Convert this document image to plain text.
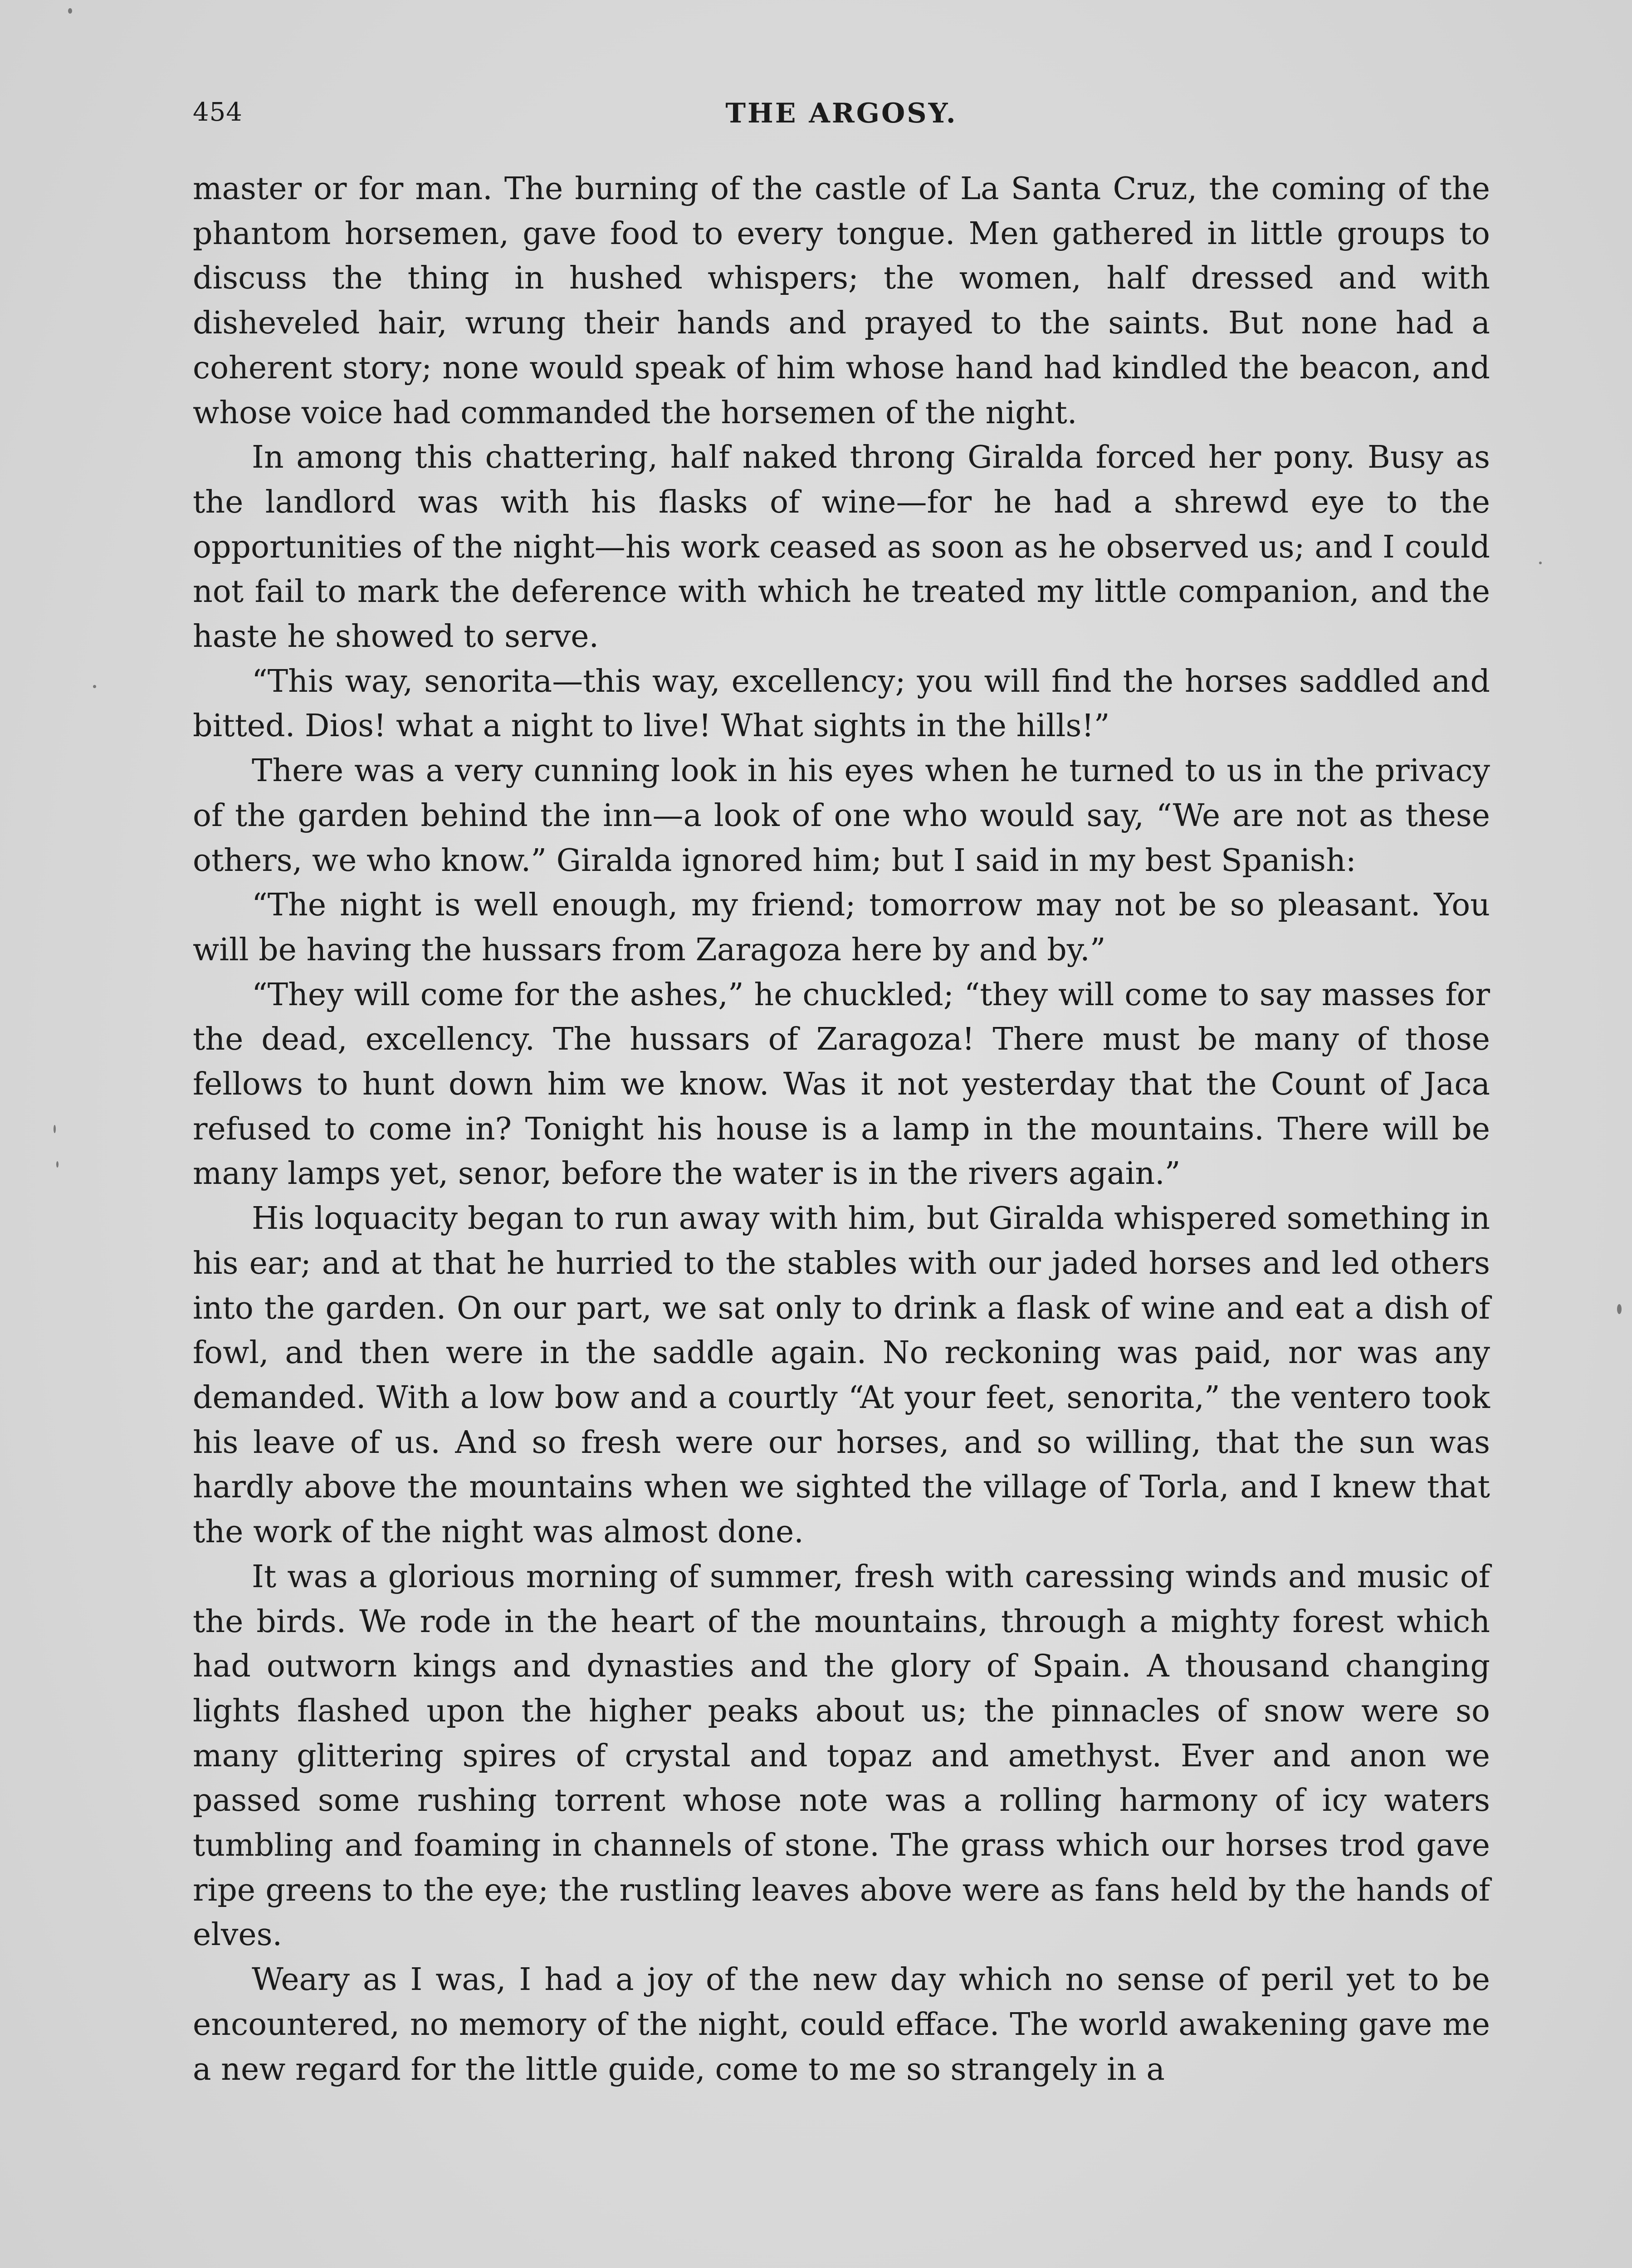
454	THE ARGOSY.

master or for man. The burning of the castle of La Santa Cruz, the coming of the phantom horsemen, gave food to every tongue. Men gathered in little groups to discuss the thing in hushed whispers; the women, half dressed and with disheveled hair, wrung their hands and prayed to the saints. But none had a coherent story; none would speak of him whose hand had kindled the beacon, and whose voice had commanded the horsemen of the night.

In among this chattering, half naked throng Giralda forced her pony. Busy as the landlord was with his flasks of wine—for he had a shrewd eye to the opportunities of the night—his work ceased as soon as he observed us; and I could not fail to mark the deference with which he treated my little companion, and the haste he showed to serve.

“This way, senorita—this way, excellency; you will find the horses saddled and bitted. Dios! what a night to live! What sights in the hills!”

There was a very cunning look in his eyes when he turned to us in the privacy of the garden behind the inn—a look of one who would say, “We are not as these others, we who know.” Giralda ignored him; but I said in my best Spanish:

“The night is well enough, my friend; tomorrow may not be so pleasant. You will be having the hussars from Zaragoza here by and by.”

“They will come for the ashes,” he chuckled; “they will come to say masses for the dead, excellency. The hussars of Zaragoza! There must be many of those fellows to hunt down him we know. Was it not yesterday that the Count of Jaca refused to come in? Tonight his house is a lamp in the mountains. There will be many lamps yet, senor, before the water is in the rivers again.”

His loquacity began to run away with him, but Giralda whispered something in his ear; and at that he hurried to the stables with our jaded horses and led others into the garden. On our part, we sat only to drink a flask of wine and eat a dish of fowl, and then were in the saddle again. No reckoning was paid, nor was any demanded. With a low bow and a courtly “At your feet, senorita,” the ventero took his leave of us. And so fresh were our horses, and so willing, that the sun was hardly above the mountains when we sighted the village of Torla, and I knew that the work of the night was almost done.

It was a glorious morning of summer, fresh with caressing winds and music of the birds. We rode in the heart of the mountains, through a mighty forest which had outworn kings and dynasties and the glory of Spain. A thousand changing lights flashed upon the higher peaks about us; the pinnacles of snow were so many glittering spires of crystal and topaz and amethyst. Ever and anon we passed some rushing torrent whose note was a rolling harmony of icy waters tumbling and foaming in channels of stone. The grass which our horses trod gave ripe greens to the eye; the rustling leaves above were as fans held by the hands of elves.

Weary as I was, I had a joy of the new day which no sense of peril yet to be encountered, no memory of the night, could efface. The world awakening gave me a new regard for the little guide, come to me so strangely in a
